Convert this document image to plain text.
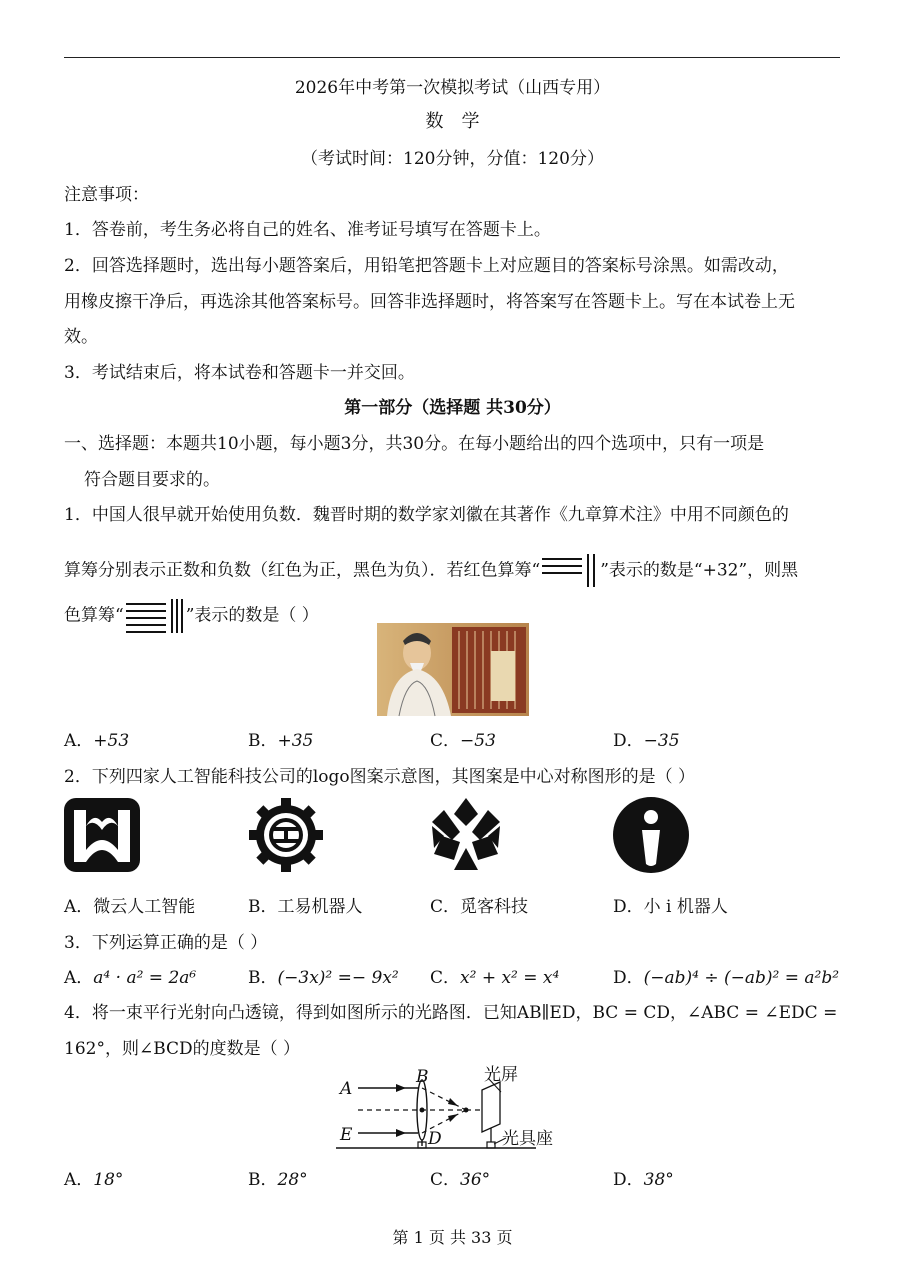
2026年中考第一次模拟考试（山西专用）
数　学
（考试时间：120分钟，分值：120分）
注意事项：
1．答卷前，考生务必将自己的姓名、准考证号填写在答题卡上。
2．回答选择题时，选出每小题答案后，用铅笔把答题卡上对应题目的答案标号涂黑。如需改动，
用橡皮擦干净后，再选涂其他答案标号。回答非选择题时，将答案写在答题卡上。写在本试卷上无
效。
3．考试结束后，将本试卷和答题卡一并交回。
第一部分（选择题 共30分）
一、选择题：本题共10小题，每小题3分，共30分。在每小题给出的四个选项中，只有一项是
符合题目要求的。
1．中国人很早就开始使用负数．魏晋时期的数学家刘徽在其著作《九章算术注》中用不同颜色的
算筹分别表示正数和负数（红色为正，黑色为负）．若红色算筹“	”表示的数是“+32”，则黑
色算筹“	”表示的数是（ ）
A．+53	B．+35	C．−53	D．−35
2．下列四家人工智能科技公司的logo图案示意图，其图案是中心对称图形的是（ ）
A．微云人工智能	B．工易机器人	C．觅客科技	D．小 i 机器人
3．下列运算正确的是（ ）
A．a⁴ · a² = 2a⁶	B．(−3x)² =− 9x² C．x² + x² = x⁴	D．(−ab)⁴ ÷ (−ab)² = a²b²
4．将一束平行光射向凸透镜，得到如图所示的光路图．已知AB∥ED，BC = CD，∠ABC = ∠EDC =
162°，则∠BCD的度数是（ ）
A
B
E	D
光屏
光具座
A．18°	B．28°	C．36°	D．38°
第 1 页 共 33 页
